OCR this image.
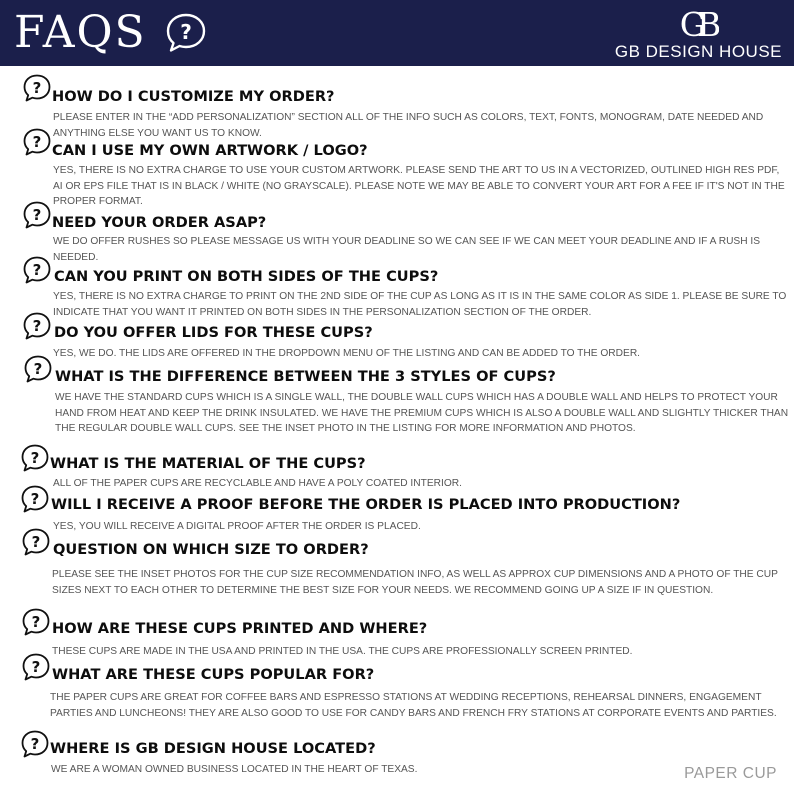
FAQS ?	GB
GB DESIGN HOUSE
? HOW DO I CUSTOMIZE MY ORDER?
PLEASE ENTER IN THE “ADD PERSONALIZATION” SECTION ALL OF THE INFO SUCH AS COLORS, TEXT, FONTS, MONOGRAM, DATE NEEDED AND ANYTHING ELSE YOU WANT US TO KNOW.
? CAN I USE MY OWN ARTWORK / LOGO?
YES, THERE IS NO EXTRA CHARGE TO USE YOUR CUSTOM ARTWORK. PLEASE SEND THE ART TO US IN A VECTORIZED, OUTLINED HIGH RES PDF, AI OR EPS FILE THAT IS IN BLACK / WHITE (NO GRAYSCALE). PLEASE NOTE WE MAY BE ABLE TO CONVERT YOUR ART FOR A FEE IF IT'S NOT IN THE PROPER FORMAT.
? NEED YOUR ORDER ASAP?
WE DO OFFER RUSHES SO PLEASE MESSAGE US WITH YOUR DEADLINE SO WE CAN SEE IF WE CAN MEET YOUR DEADLINE AND IF A RUSH IS NEEDED.
? CAN YOU PRINT ON BOTH SIDES OF THE CUPS?
YES, THERE IS NO EXTRA CHARGE TO PRINT ON THE 2ND SIDE OF THE CUP AS LONG AS IT IS IN THE SAME COLOR AS SIDE 1. PLEASE BE SURE TO INDICATE THAT YOU WANT IT PRINTED ON BOTH SIDES IN THE PERSONALIZATION SECTION OF THE ORDER.
? DO YOU OFFER LIDS FOR THESE CUPS?
YES, WE DO. THE LIDS ARE OFFERED IN THE DROPDOWN MENU OF THE LISTING AND CAN BE ADDED TO THE ORDER.
? WHAT IS THE DIFFERENCE BETWEEN THE 3 STYLES OF CUPS?
WE HAVE THE STANDARD CUPS WHICH IS A SINGLE WALL, THE DOUBLE WALL CUPS WHICH HAS A DOUBLE WALL AND HELPS TO PROTECT YOUR HAND FROM HEAT AND KEEP THE DRINK INSULATED. WE HAVE THE PREMIUM CUPS WHICH IS ALSO A DOUBLE WALL AND SLIGHTLY THICKER THAN THE REGULAR DOUBLE WALL CUPS. SEE THE INSET PHOTO IN THE LISTING FOR MORE INFORMATION AND PHOTOS.
? WHAT IS THE MATERIAL OF THE CUPS?
ALL OF THE PAPER CUPS ARE RECYCLABLE AND HAVE A POLY COATED INTERIOR.
? WILL I RECEIVE A PROOF BEFORE THE ORDER IS PLACED INTO PRODUCTION?
YES, YOU WILL RECEIVE A DIGITAL PROOF AFTER THE ORDER IS PLACED.
? QUESTION ON WHICH SIZE TO ORDER?
PLEASE SEE THE INSET PHOTOS FOR THE CUP SIZE RECOMMENDATION INFO, AS WELL AS APPROX CUP DIMENSIONS AND A PHOTO OF THE CUP SIZES NEXT TO EACH OTHER TO DETERMINE THE BEST SIZE FOR YOUR NEEDS. WE RECOMMEND GOING UP A SIZE IF IN QUESTION.
? HOW ARE THESE CUPS PRINTED AND WHERE?
THESE CUPS ARE MADE IN THE USA AND PRINTED IN THE USA. THE CUPS ARE PROFESSIONALLY SCREEN PRINTED.
? WHAT ARE THESE CUPS POPULAR FOR?
THE PAPER CUPS ARE GREAT FOR COFFEE BARS AND ESPRESSO STATIONS AT WEDDING RECEPTIONS, REHEARSAL DINNERS, ENGAGEMENT PARTIES AND LUNCHEONS! THEY ARE ALSO GOOD TO USE FOR CANDY BARS AND FRENCH FRY STATIONS AT CORPORATE EVENTS AND PARTIES.
? WHERE IS GB DESIGN HOUSE LOCATED?
WE ARE A WOMAN OWNED BUSINESS LOCATED IN THE HEART OF TEXAS.	PAPER CUP
